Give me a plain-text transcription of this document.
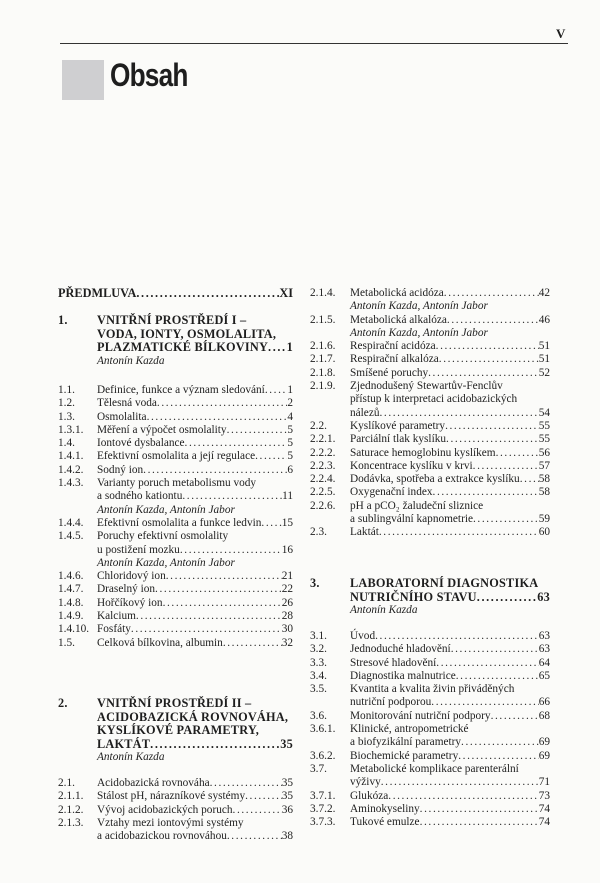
V
Obsah
PŘEDMLUVA .....	XI
1. VNITŘNÍ PROSTŘEDÍ I –
VODA, IONTY, OSMOLALITA,
PLAZMATICKÉ BÍLKOVINY ..... 1
Antonín Kazda
1.1. Definice, funkce a význam sledování ..... 1
1.2. Tělesná voda .....	2
1.3. Osmolalita .....	4
1.3.1. Měření a výpočet osmolality .....	5
1.4. Iontové dysbalance .....	5
1.4.1. Efektivní osmolalita a její regulace .....	5
1.4.2. Sodný ion .....	6
1.4.3. Varianty poruch metabolismu vody
a sodného kationtu .....	11
Antonín Kazda, Antonín Jabor
1.4.4. Efektivní osmolalita a funkce ledvin ..... 15
1.4.5. Poruchy efektivní osmolality
u postižení mozku .....	16
Antonín Kazda, Antonín Jabor
1.4.6. Chloridový ion .....	21
1.4.7. Draselný ion .....	22
1.4.8. Hořčíkový ion .....	26
1.4.9. Kalcium .....	28
1.4.10. Fosfáty .....	30
1.5. Celková bílkovina, albumin .....	32
2. VNITŘNÍ PROSTŘEDÍ II –
ACIDOBAZICKÁ ROVNOVÁHA,
KYSLÍKOVÉ PARAMETRY,
LAKTÁT .....	35
Antonín Kazda
2.1. Acidobazická rovnováha .....	35
2.1.1. Stálost pH, nárazníkové systémy .....	35
2.1.2. Vývoj acidobazických poruch .....	36
2.1.3. Vztahy mezi iontovými systémy
a acidobazickou rovnováhou .....	38
2.1.4. Metabolická acidóza .....	42
Antonín Kazda, Antonín Jabor
2.1.5. Metabolická alkalóza .....	46
Antonín Kazda, Antonín Jabor
2.1.6. Respirační acidóza .....	51
2.1.7. Respirační alkalóza .....	51
2.1.8. Smíšené poruchy .....	52
2.1.9. Zjednodušený Stewartův-Fenclův
přístup k interpretaci acidobazických
nálezů .....	54
2.2. Kyslíkové parametry .....	55
2.2.1. Parciální tlak kyslíku .....	55
2.2.2. Saturace hemoglobinu kyslíkem .....	56
2.2.3. Koncentrace kyslíku v krvi .....	57
2.2.4. Dodávka, spotřeba a extrakce kyslíku ..... 58
2.2.5. Oxygenační index .....	58
2.2.6. pH a pCO₂ žaludeční sliznice
a sublingvální kapnometrie .....	59
2.3. Laktát .....	60
3. LABORATORNÍ DIAGNOSTIKA
NUTRIČNÍHO STAVU .....	63
Antonín Kazda
3.1. Úvod .....	63
3.2. Jednoduché hladovění .....	63
3.3. Stresové hladovění .....	64
3.4. Diagnostika malnutrice .....	65
3.5. Kvantita a kvalita živin přiváděných
nutriční podporou .....	66
3.6. Monitorování nutriční podpory .....	68
3.6.1. Klinické, antropometrické
a biofyzikální parametry .....	69
3.6.2. Biochemické parametry .....	69
3.7. Metabolické komplikace parenterální
výživy .....	71
3.7.1. Glukóza .....	73
3.7.2. Aminokyseliny .....	74
3.7.3. Tukové emulze .....	74
